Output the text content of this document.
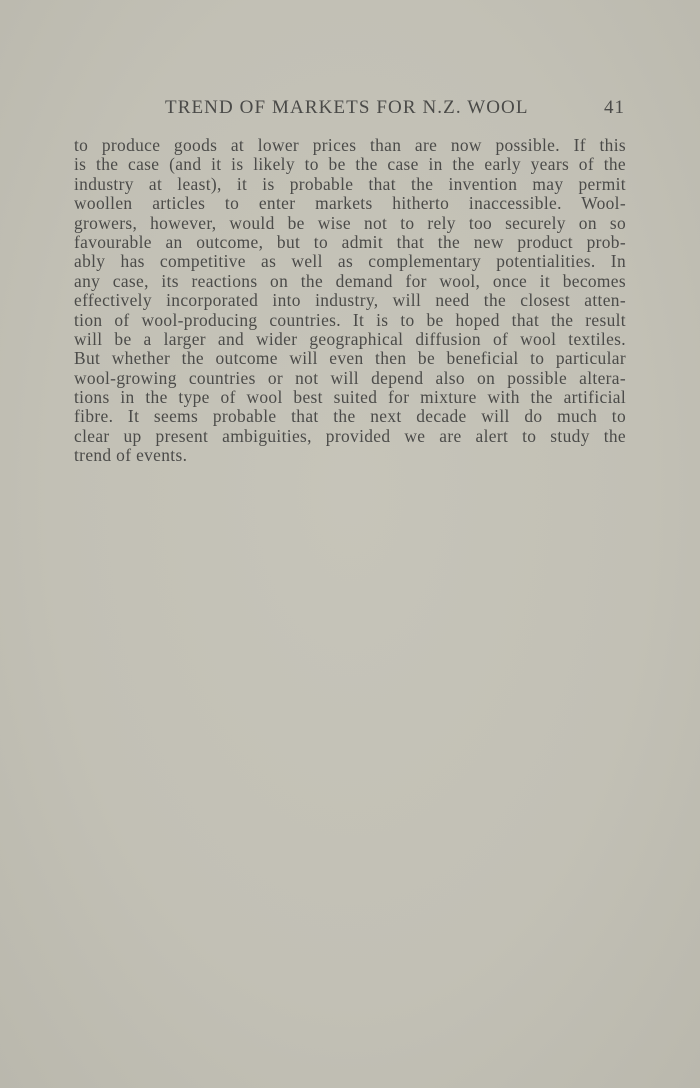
TREND OF MARKETS FOR N.Z. WOOL	41
to produce goods at lower prices than are now possible. If this
is the case (and it is likely to be the case in the early years of the
industry at least), it is probable that the invention may permit
woollen articles to enter markets hitherto inaccessible. Wool-
growers, however, would be wise not to rely too securely on so
favourable an outcome, but to admit that the new product prob-
ably has competitive as well as complementary potentialities. In
any case, its reactions on the demand for wool, once it becomes
effectively incorporated into industry, will need the closest atten-
tion of wool-producing countries. It is to be hoped that the result
will be a larger and wider geographical diffusion of wool textiles.
But whether the outcome will even then be beneficial to particular
wool-growing countries or not will depend also on possible altera-
tions in the type of wool best suited for mixture with the artificial
fibre. It seems probable that the next decade will do much to
clear up present ambiguities, provided we are alert to study the
trend of events.
